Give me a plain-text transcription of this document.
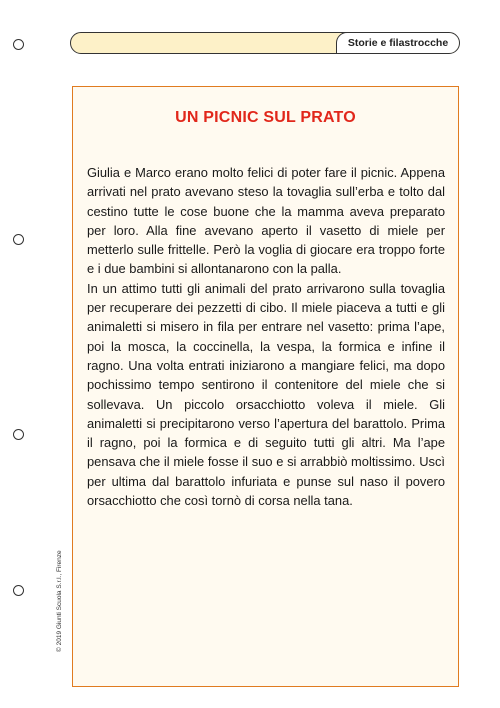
Storie e filastrocche
UN PICNIC SUL PRATO

Giulia e Marco erano molto felici di poter fare il picnic. Appena arrivati nel prato avevano steso la tovaglia sull’erba e tolto dal cestino tutte le cose buone che la mamma aveva preparato per loro. Alla fine avevano aperto il vasetto di miele per metterlo sulle frittelle. Però la voglia di giocare era troppo forte e i due bambini si allontanarono con la palla.

In un attimo tutti gli animali del prato arrivarono sulla tovaglia per recuperare dei pezzetti di cibo. Il miele piaceva a tutti e gli animaletti si misero in fila per entrare nel vasetto: prima l’ape, poi la mosca, la coccinella, la vespa, la formica e infine il ragno. Una volta entrati iniziarono a mangiare felici, ma dopo pochissimo tempo sentirono il contenitore del miele che si sollevava. Un piccolo orsacchiotto voleva il miele. Gli animaletti si precipitarono verso l’apertura del barattolo. Prima il ragno, poi la formica e di seguito tutti gli altri. Ma l’ape pensava che il miele fosse il suo e si arrabbiò moltissimo. Uscì per ultima dal barattolo infuriata e punse sul naso il povero orsacchiotto che così tornò di corsa nella tana.

© 2019 Giunti Scuola S.r.l., Firenze
